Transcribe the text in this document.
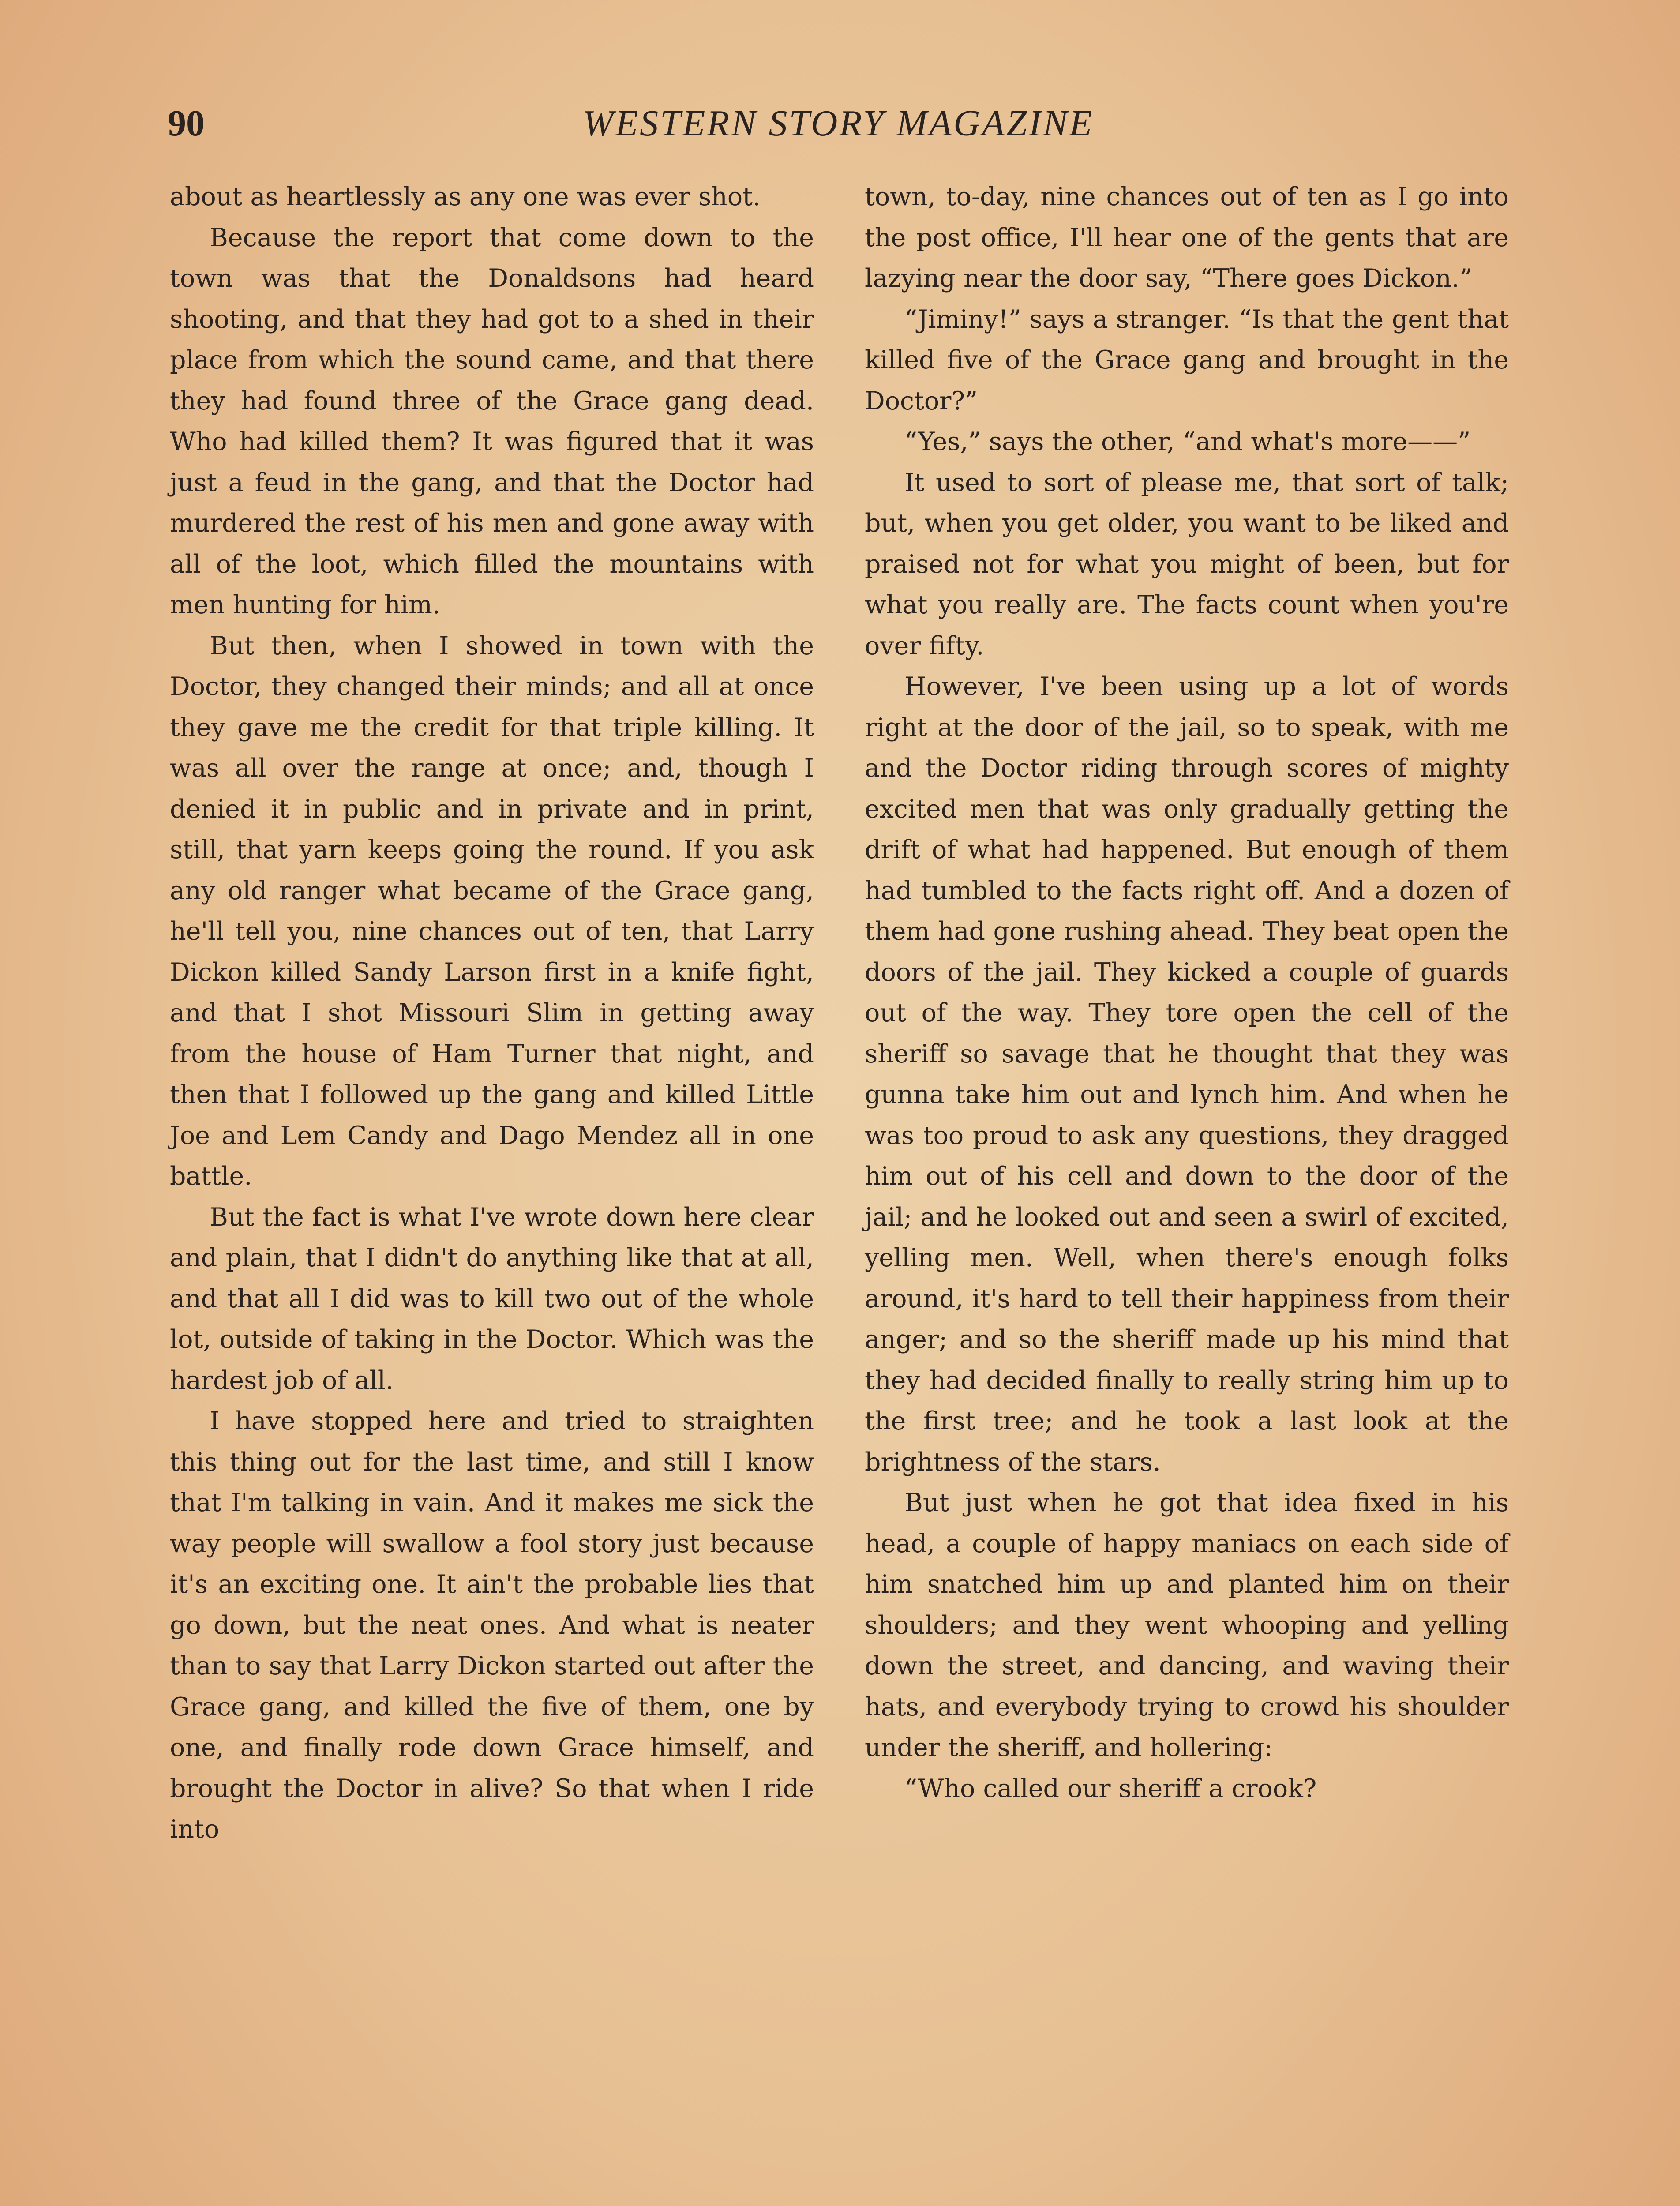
90	WESTERN STORY MAGAZINE

about as heartlessly as any one was ever shot.

Because the report that come down to the town was that the Donaldsons had heard shooting, and that they had got to a shed in their place from which the sound came, and that there they had found three of the Grace gang dead. Who had killed them? It was figured that it was just a feud in the gang, and that the Doctor had murdered the rest of his men and gone away with all of the loot, which filled the mountains with men hunting for him.

But then, when I showed in town with the Doctor, they changed their minds; and all at once they gave me the credit for that triple killing. It was all over the range at once; and, though I denied it in public and in private and in print, still, that yarn keeps going the round. If you ask any old ranger what became of the Grace gang, he'll tell you, nine chances out of ten, that Larry Dickon killed Sandy Larson first in a knife fight, and that I shot Missouri Slim in getting away from the house of Ham Turner that night, and then that I followed up the gang and killed Little Joe and Lem Candy and Dago Mendez all in one battle.

But the fact is what I've wrote down here clear and plain, that I didn't do anything like that at all, and that all I did was to kill two out of the whole lot, outside of taking in the Doctor. Which was the hardest job of all.

I have stopped here and tried to straighten this thing out for the last time, and still I know that I'm talking in vain. And it makes me sick the way people will swallow a fool story just because it's an exciting one. It ain't the probable lies that go down, but the neat ones. And what is neater than to say that Larry Dickon started out after the Grace gang, and killed the five of them, one by one, and finally rode down Grace himself, and brought the Doctor in alive? So that when I ride into

town, to-day, nine chances out of ten as I go into the post office, I'll hear one of the gents that are lazying near the door say, “There goes Dickon.”

“Jiminy!” says a stranger. “Is that the gent that killed five of the Grace gang and brought in the Doctor?”

“Yes,” says the other, “and what's more——”

It used to sort of please me, that sort of talk; but, when you get older, you want to be liked and praised not for what you might of been, but for what you really are. The facts count when you're over fifty.

However, I've been using up a lot of words right at the door of the jail, so to speak, with me and the Doctor riding through scores of mighty excited men that was only gradually getting the drift of what had happened. But enough of them had tumbled to the facts right off. And a dozen of them had gone rushing ahead. They beat open the doors of the jail. They kicked a couple of guards out of the way. They tore open the cell of the sheriff so savage that he thought that they was gunna take him out and lynch him. And when he was too proud to ask any questions, they dragged him out of his cell and down to the door of the jail; and he looked out and seen a swirl of excited, yelling men. Well, when there's enough folks around, it's hard to tell their happiness from their anger; and so the sheriff made up his mind that they had decided finally to really string him up to the first tree; and he took a last look at the brightness of the stars.

But just when he got that idea fixed in his head, a couple of happy maniacs on each side of him snatched him up and planted him on their shoulders; and they went whooping and yelling down the street, and dancing, and waving their hats, and everybody trying to crowd his shoulder under the sheriff, and hollering:

“Who called our sheriff a crook?
